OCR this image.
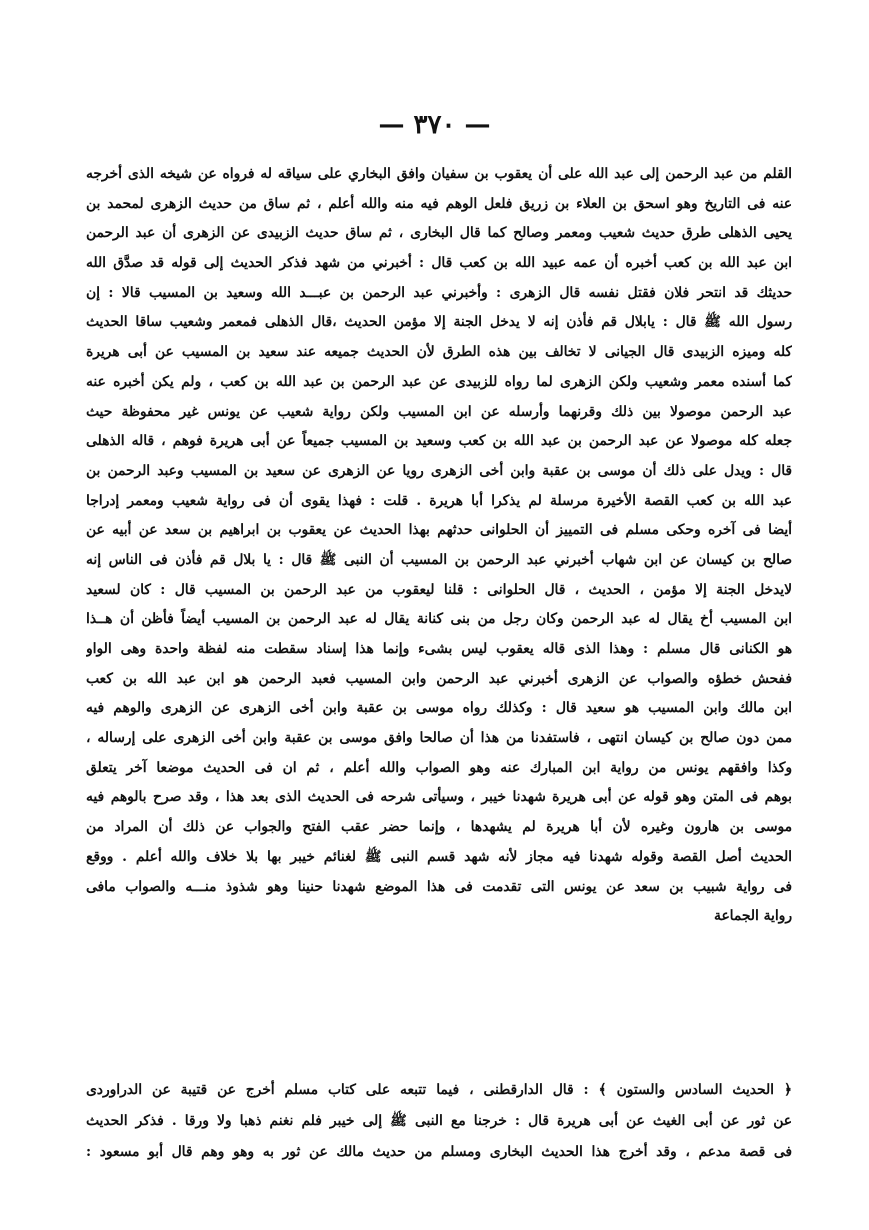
— ٣٧٠ —
القلم من عبد الرحمن إلى عبد الله على أن يعقوب بن سفيان وافق البخاري على سياقه له فرواه عن شيخه الذى أخرجه
عنه فى التاريخ وهو اسحق بن العلاء بن زريق فلعل الوهم فيه منه والله أعلم ، ثم ساق من حديث الزهرى لمحمد بن
يحيى الذهلى طرق حديث شعيب ومعمر وصالح كما قال البخارى ، ثم ساق حديث الزبيدى عن الزهرى أن عبد الرحمن
ابن عبد الله بن كعب أخبره أن عمه عبيد الله بن كعب قال : أخبرني من شهد فذكر الحديث إلى قوله قد صدَّق الله
حديثك قد انتحر فلان فقتل نفسه قال الزهرى : وأخبرني عبد الرحمن بن عبـــد الله وسعيد بن المسيب قالا : إن
رسول الله ﷺ قال : يابلال قم فأذن إنه لا يدخل الجنة إلا مؤمن الحديث ،قال الذهلى فمعمر وشعيب ساقا الحديث
كله وميزه الزبيدى قال الجيانى لا تخالف بين هذه الطرق لأن الحديث جميعه عند سعيد بن المسيب عن أبى هريرة
كما أسنده معمر وشعيب ولكن الزهرى لما رواه للزبيدى عن عبد الرحمن بن عبد الله بن كعب ، ولم يكن أخبره عنه
عبد الرحمن موصولا بين ذلك وقرنهما وأرسله عن ابن المسيب ولكن رواية شعيب عن يونس غير محفوظة حيث
جعله كله موصولا عن عبد الرحمن بن عبد الله بن كعب وسعيد بن المسيب جميعاً عن أبى هريرة فوهم ، قاله الذهلى
قال : ويدل على ذلك أن موسى بن عقبة وابن أخى الزهرى رويا عن الزهرى عن سعيد بن المسيب وعبد الرحمن بن
عبد الله بن كعب القصة الأخيرة مرسلة لم يذكرا أبا هريرة . قلت : فهذا يقوى أن فى رواية شعيب ومعمر إدراجا
أيضا فى آخره وحكى مسلم فى التمييز أن الحلوانى حدثهم بهذا الحديث عن يعقوب بن ابراهيم بن سعد عن أبيه عن
صالح بن كيسان عن ابن شهاب أخبرني عبد الرحمن بن المسيب أن النبى ﷺ قال : يا بلال قم فأذن فى الناس إنه
لايدخل الجنة إلا مؤمن ، الحديث ، قال الحلوانى : قلنا ليعقوب من عبد الرحمن بن المسيب قال : كان لسعيد
ابن المسيب أخ يقال له عبد الرحمن وكان رجل من بنى كنانة يقال له عبد الرحمن بن المسيب أيضاً فأظن أن هــذا
هو الكنانى قال مسلم : وهذا الذى قاله يعقوب ليس بشىء وإنما هذا إسناد سقطت منه لفظة واحدة وهى الواو
ففحش خطؤه والصواب عن الزهرى أخبرني عبد الرحمن وابن المسيب فعبد الرحمن هو ابن عبد الله بن كعب
ابن مالك وابن المسيب هو سعيد قال : وكذلك رواه موسى بن عقبة وابن أخى الزهرى عن الزهرى والوهم فيه
ممن دون صالح بن كيسان انتهى ، فاستفدنا من هذا أن صالحا وافق موسى بن عقبة وابن أخى الزهرى على إرساله ،
وكذا وافقهم يونس من رواية ابن المبارك عنه وهو الصواب والله أعلم ، ثم ان فى الحديث موضعا آخر يتعلق
بوهم فى المتن وهو قوله عن أبى هريرة شهدنا خيبر ، وسيأتى شرحه فى الحديث الذى بعد هذا ، وقد صرح بالوهم فيه
موسى بن هارون وغيره لأن أبا هريرة لم يشهدها ، وإنما حضر عقب الفتح والجواب عن ذلك أن المراد من
الحديث أصل القصة وقوله شهدنا فيه مجاز لأنه شهد قسم النبى ﷺ لغنائم خيبر بها بلا خلاف والله أعلم . ووقع
فى رواية شبيب بن سعد عن يونس التى تقدمت فى هذا الموضع شهدنا حنينا وهو شذوذ منـــه والصواب مافى
رواية الجماعة
﴿ الحديث السادس والستون ﴾ : قال الدارقطنى ، فيما تتبعه على كتاب مسلم أخرج عن قتيبة عن الدراوردى
عن ثور عن أبى الغيث عن أبى هريرة قال : خرجنا مع النبى ﷺ إلى خيبر فلم نغنم ذهبا ولا ورقا . فذكر الحديث
فى قصة مدعم ، وقد أخرج هذا الحديث البخارى ومسلم من حديث مالك عن ثور به وهو وهم قال أبو مسعود :
